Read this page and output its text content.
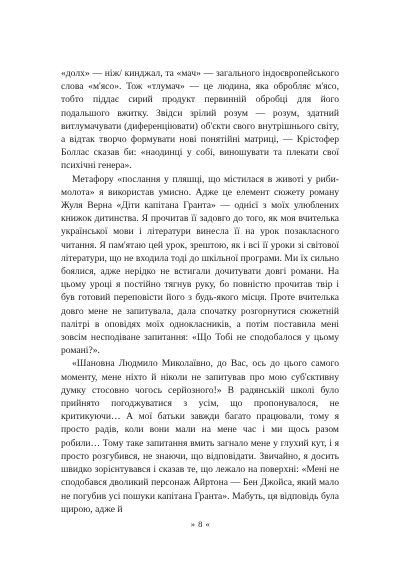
«долх» — ніж/ кинджал, та «мач» — загального індоєвропейського слова «м'ясо». Тож «тлумач» — це людина, яка обробляє м'ясо, тобто піддає сирий продукт первинній обробці для його подальшого вжитку. Звідси зрілий розум — розум, здатний витлумачувати (диференціювати) об'єкти свого внутрішнього світу, а відтак творчо формувати нові понятійні матриці, — Крістофер Боллас сказав би: «наодинці у собі, виношувати та плекати свої психічні генера».

Метафору «послання у пляшці, що містилася в животі у риби-молота» я використав умисно. Адже це елемент сюжету роману Жуля Верна «Діти капітана Гранта» — однієї з моїх улюблених книжок дитинства. Я прочитав її задовго до того, як моя вчителька української мови і літератури винесла її на урок позакласного читання. Я пам'ятаю цей урок, зрештою, як і всі її уроки зі світової літератури, що не входила тоді до шкільної програми. Ми їх сильно боялися, адже нерідко не встигали дочитувати довгі романи. На цьому уроці я постійно тягнув руку, бо повністю прочитав твір і був готовий переповісти його з будь-якого місця. Проте вчителька довго мене не запитувала, дала спочатку розгорнутися сюжетній палітрі в оповідях моїх однокласників, а потім поставила мені зовсім несподіване запитання: «Що Тобі не сподобалося у цьому романі?».

«Шановна Людмило Миколаївно, до Вас, ось до цього самого моменту, мене ніхто й ніколи не запитував про мою суб'єктивну думку стосовно чогось серйозного!» В радянській школі було прийнято погоджуватися з усім, що пропонувалося, не критикуючи… А мої батьки завжди багато працювали, тому я просто радів, коли вони мали на мене час і ми щось разом робили… Тому таке запитання вмить загнало мене у глухий кут, і я просто розгубився, не знаючи, що відповідати. Звичайно, я досить швидко зорієнтувався і сказав те, що лежало на поверхні: «Мені не сподобався дволикий персонаж Айртона — Бен Джойса, який мало не погубив усі пошуки капітана Гранта». Мабуть, ця відповідь була щирою, адже й

» 8 «
